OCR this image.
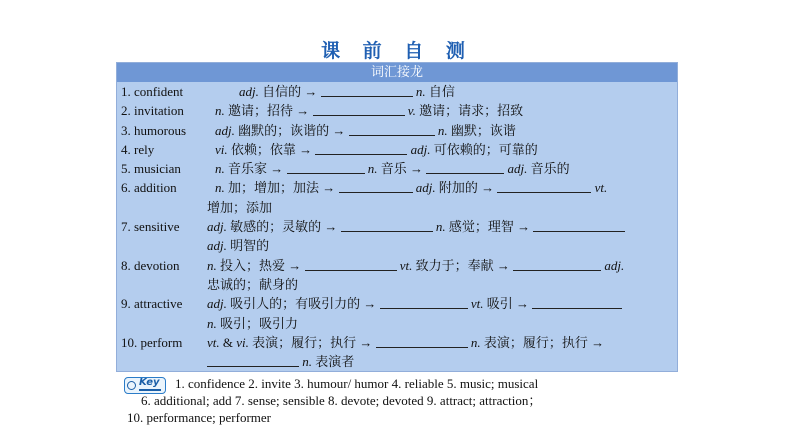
课 前 自 测
词汇接龙
1. confident	adj. 自信的 →	n. 自信
2. invitation n. 邀请；招待 →	v. 邀请；请求；招致
3. humorous adj. 幽默的；诙谐的 →	n. 幽默；诙谐
4. rely	vi. 依赖；依靠 →	adj. 可依赖的；可靠的
5. musician	n. 音乐家 →	n. 音乐 →	adj. 音乐的
6. addition	n. 加；增加；加法 →	adj. 附加的 →	vt.
增加；添加
7. sensitive adj. 敏感的；灵敏的 →	n. 感觉；理智 →
adj. 明智的
8. devotion n. 投入；热爱 →	vt. 致力于；奉献 →	adj.
忠诚的；献身的
9. attractive adj. 吸引人的；有吸引力的 →	vt. 吸引 →
n. 吸引；吸引力
10. perform vt. & vi. 表演；履行；执行 →	n. 表演；履行；执行 →
n. 表演者
Key 1. confidence 2. invite 3. humour/ humor 4. reliable 5. music; musical
6. additional; add 7. sense; sensible 8. devote; devoted 9. attract; attraction；
10. performance; performer
